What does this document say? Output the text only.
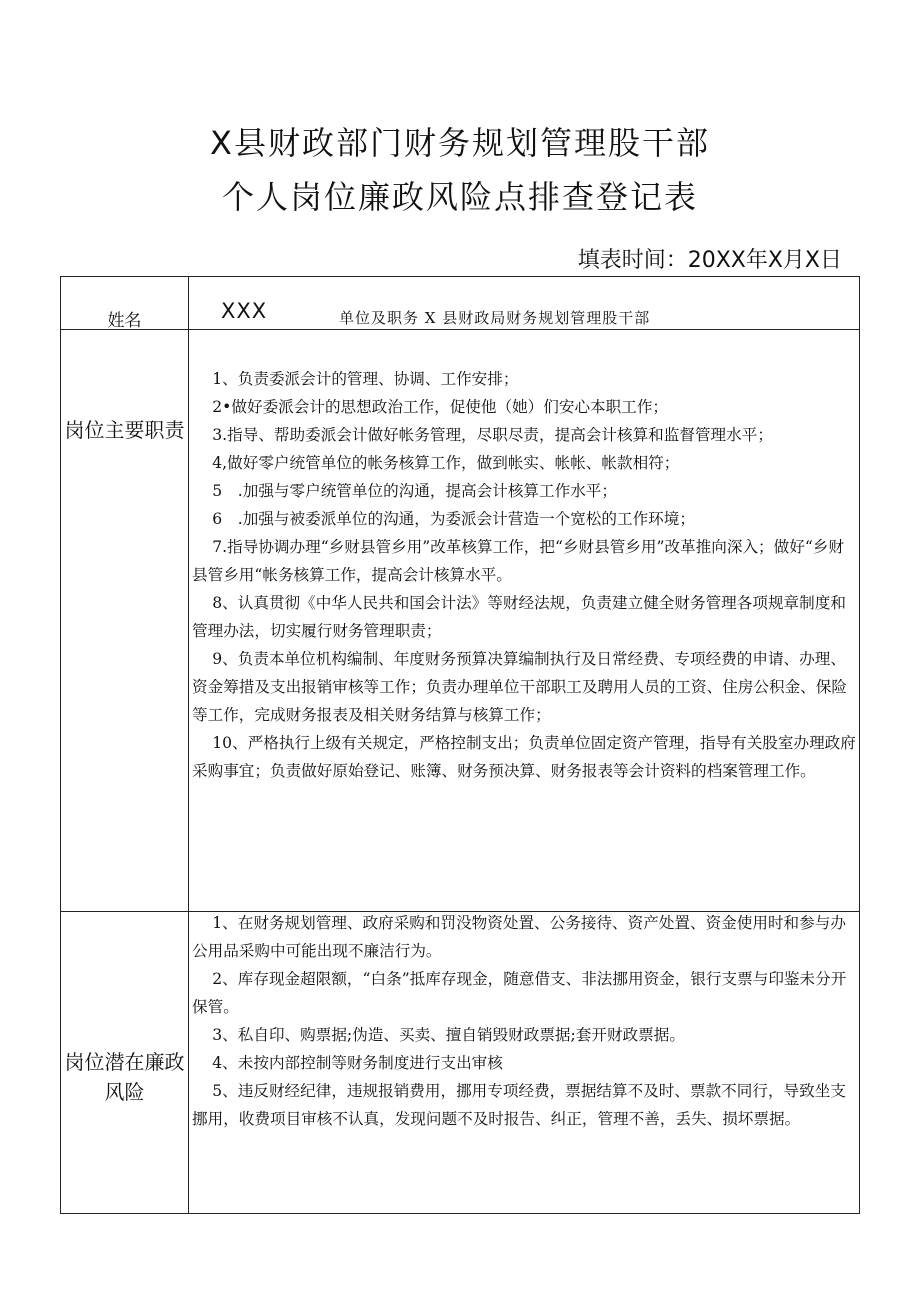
X县财政部门财务规划管理股干部
个人岗位廉政风险点排查登记表
填表时间：20XX年X月X日
姓名	XXX	单位及职务 X 县财政局财务规划管理股干部
岗位主要职责

1、负责委派会计的管理、协调、工作安排；

2•做好委派会计的思想政治工作，促使他（她）们安心本职工作；

3.指导、帮助委派会计做好帐务管理，尽职尽责，提高会计核算和监督管理水平；

4,做好零户统管单位的帐务核算工作，做到帐实、帐帐、帐款相符；

5　.加强与零户统管单位的沟通，提高会计核算工作水平；

6　.加强与被委派单位的沟通，为委派会计营造一个宽松的工作环境；

7.指导协调办理“乡财县管乡用”改革核算工作，把“乡财县管乡用”改革推向深入；做好“乡财县管乡用“帐务核算工作，提高会计核算水平。

8、认真贯彻《中华人民共和国会计法》等财经法规，负责建立健全财务管理各项规章制度和管理办法，切实履行财务管理职责；

9、负责本单位机构编制、年度财务预算决算编制执行及日常经费、专项经费的申请、办理、资金筹措及支出报销审核等工作；负责办理单位干部职工及聘用人员的工资、住房公积金、保险等工作，完成财务报表及相关财务结算与核算工作；

10、严格执行上级有关规定，严格控制支出；负责单位固定资产管理，指导有关股室办理政府采购事宜；负责做好原始登记、账簿、财务预决算、财务报表等会计资料的档案管理工作。

岗位潜在廉政风险

1、在财务规划管理、政府采购和罚没物资处置、公务接待、资产处置、资金使用时和参与办公用品采购中可能出现不廉洁行为。

2、库存现金超限额，“白条”抵库存现金，随意借支、非法挪用资金，银行支票与印鉴未分开保管。

3、私自印、购票据;伪造、买卖、擅自销毁财政票据;套开财政票据。

4、未按内部控制等财务制度进行支出审核

5、违反财经纪律，违规报销费用，挪用专项经费，票据结算不及时、票款不同行，导致坐支挪用，收费项目审核不认真，发现问题不及时报告、纠正，管理不善，丢失、损坏票据。
